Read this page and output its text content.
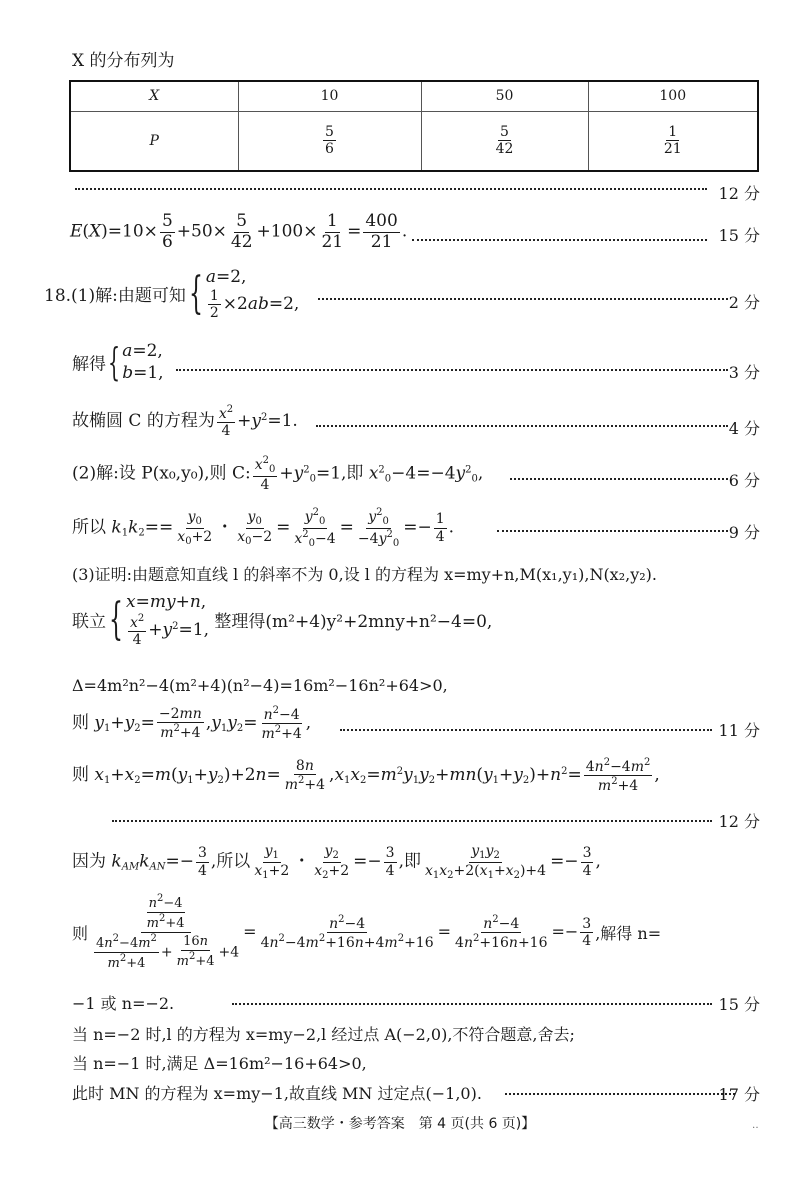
X 的分布列为
X	10	50	100
P	$\frac{5}{6}$	$\frac{5}{42}$	$\frac{1}{21}$
12 分
$E(X)=10\times \frac{5}{6} +50\times \frac{5}{42} +100\times \frac{1}{21} = \frac{400}{21}$ .	15 分
18.(1)解:由题可知{ a=2,
$\frac{1}{2} \times 2ab=2$,	2 分
解得{ a=2,
b=1,	3 分
故椭圆 C 的方程为 $\frac{x^2}{4} +y^2=1$.	4 分
(2)解:设 P(x₀,y₀),则 C: $\frac{x^2_0}{4} +y^2_0=1$,即 $x^2_0-4=-4y^2_0$,	6 分
所以 $k_1k_2== \frac{y_0}{x_0+2}$ ・ $\frac{y_0}{x_0-2} = \frac{y^2_0}{x^2_0-4} = \frac{y^2_0}{-4y^2_0} =- \frac{1}{4}$ .	9 分
(3)证明:由题意知直线 l 的斜率不为 0,设 l 的方程为 x=my+n,M(x₁,y₁),N(x₂,y₂).
联立{ x=my+n,
$\frac{x^2}{4} +y^2=1$, 整理得(m²+4)y²+2mny+n²−4=0,
Δ=4m²n²−4(m²+4)(n²−4)=16m²−16n²+64>0,
则 $y_1+y_2= \frac{-2mn}{m^2+4} ,y_1y_2= \frac{n^2-4}{m^2+4}$ ,	11 分
则 $x_1+x_2=m(y_1+y_2)+2n= \frac{8n}{m^2+4} ,x_1x_2=m^2y_1y_2+mn(y_1+y_2)+n^2= \frac{4n^2-4m^2}{m^2+4}$ ,
12 分
因为 $k_{AM}k_{AN}=- \frac{3}{4}$ ,所以 $\frac{y_1}{x_1+2}$ ・ $\frac{y_2}{x_2+2} =- \frac{3}{4}$ ,即 $\frac{y_1y_2}{x_1x_2+2(x_1+x_2)+4} =- \frac{3}{4}$ ,
则 $\frac{\frac{n^2-4}{m^2+4}}{\frac{4n^2-4m^2}{m^2+4} + \frac{16n}{m^2+4} +4} = \frac{n^2-4}{4n^2-4m^2+16n+4m^2+16} = \frac{n^2-4}{4n^2+16n+16} =- \frac{3}{4}$ ,解得 n=
−1 或 n=−2.	15 分
当 n=−2 时,l 的方程为 x=my−2,l 经过点 A(−2,0),不符合题意,舍去;
当 n=−1 时,满足 Δ=16m²−16+64>0,
此时 MN 的方程为 x=my−1,故直线 MN 过定点(−1,0).	17 分
【高三数学・参考答案　第 4 页(共 6 页)】	‥
